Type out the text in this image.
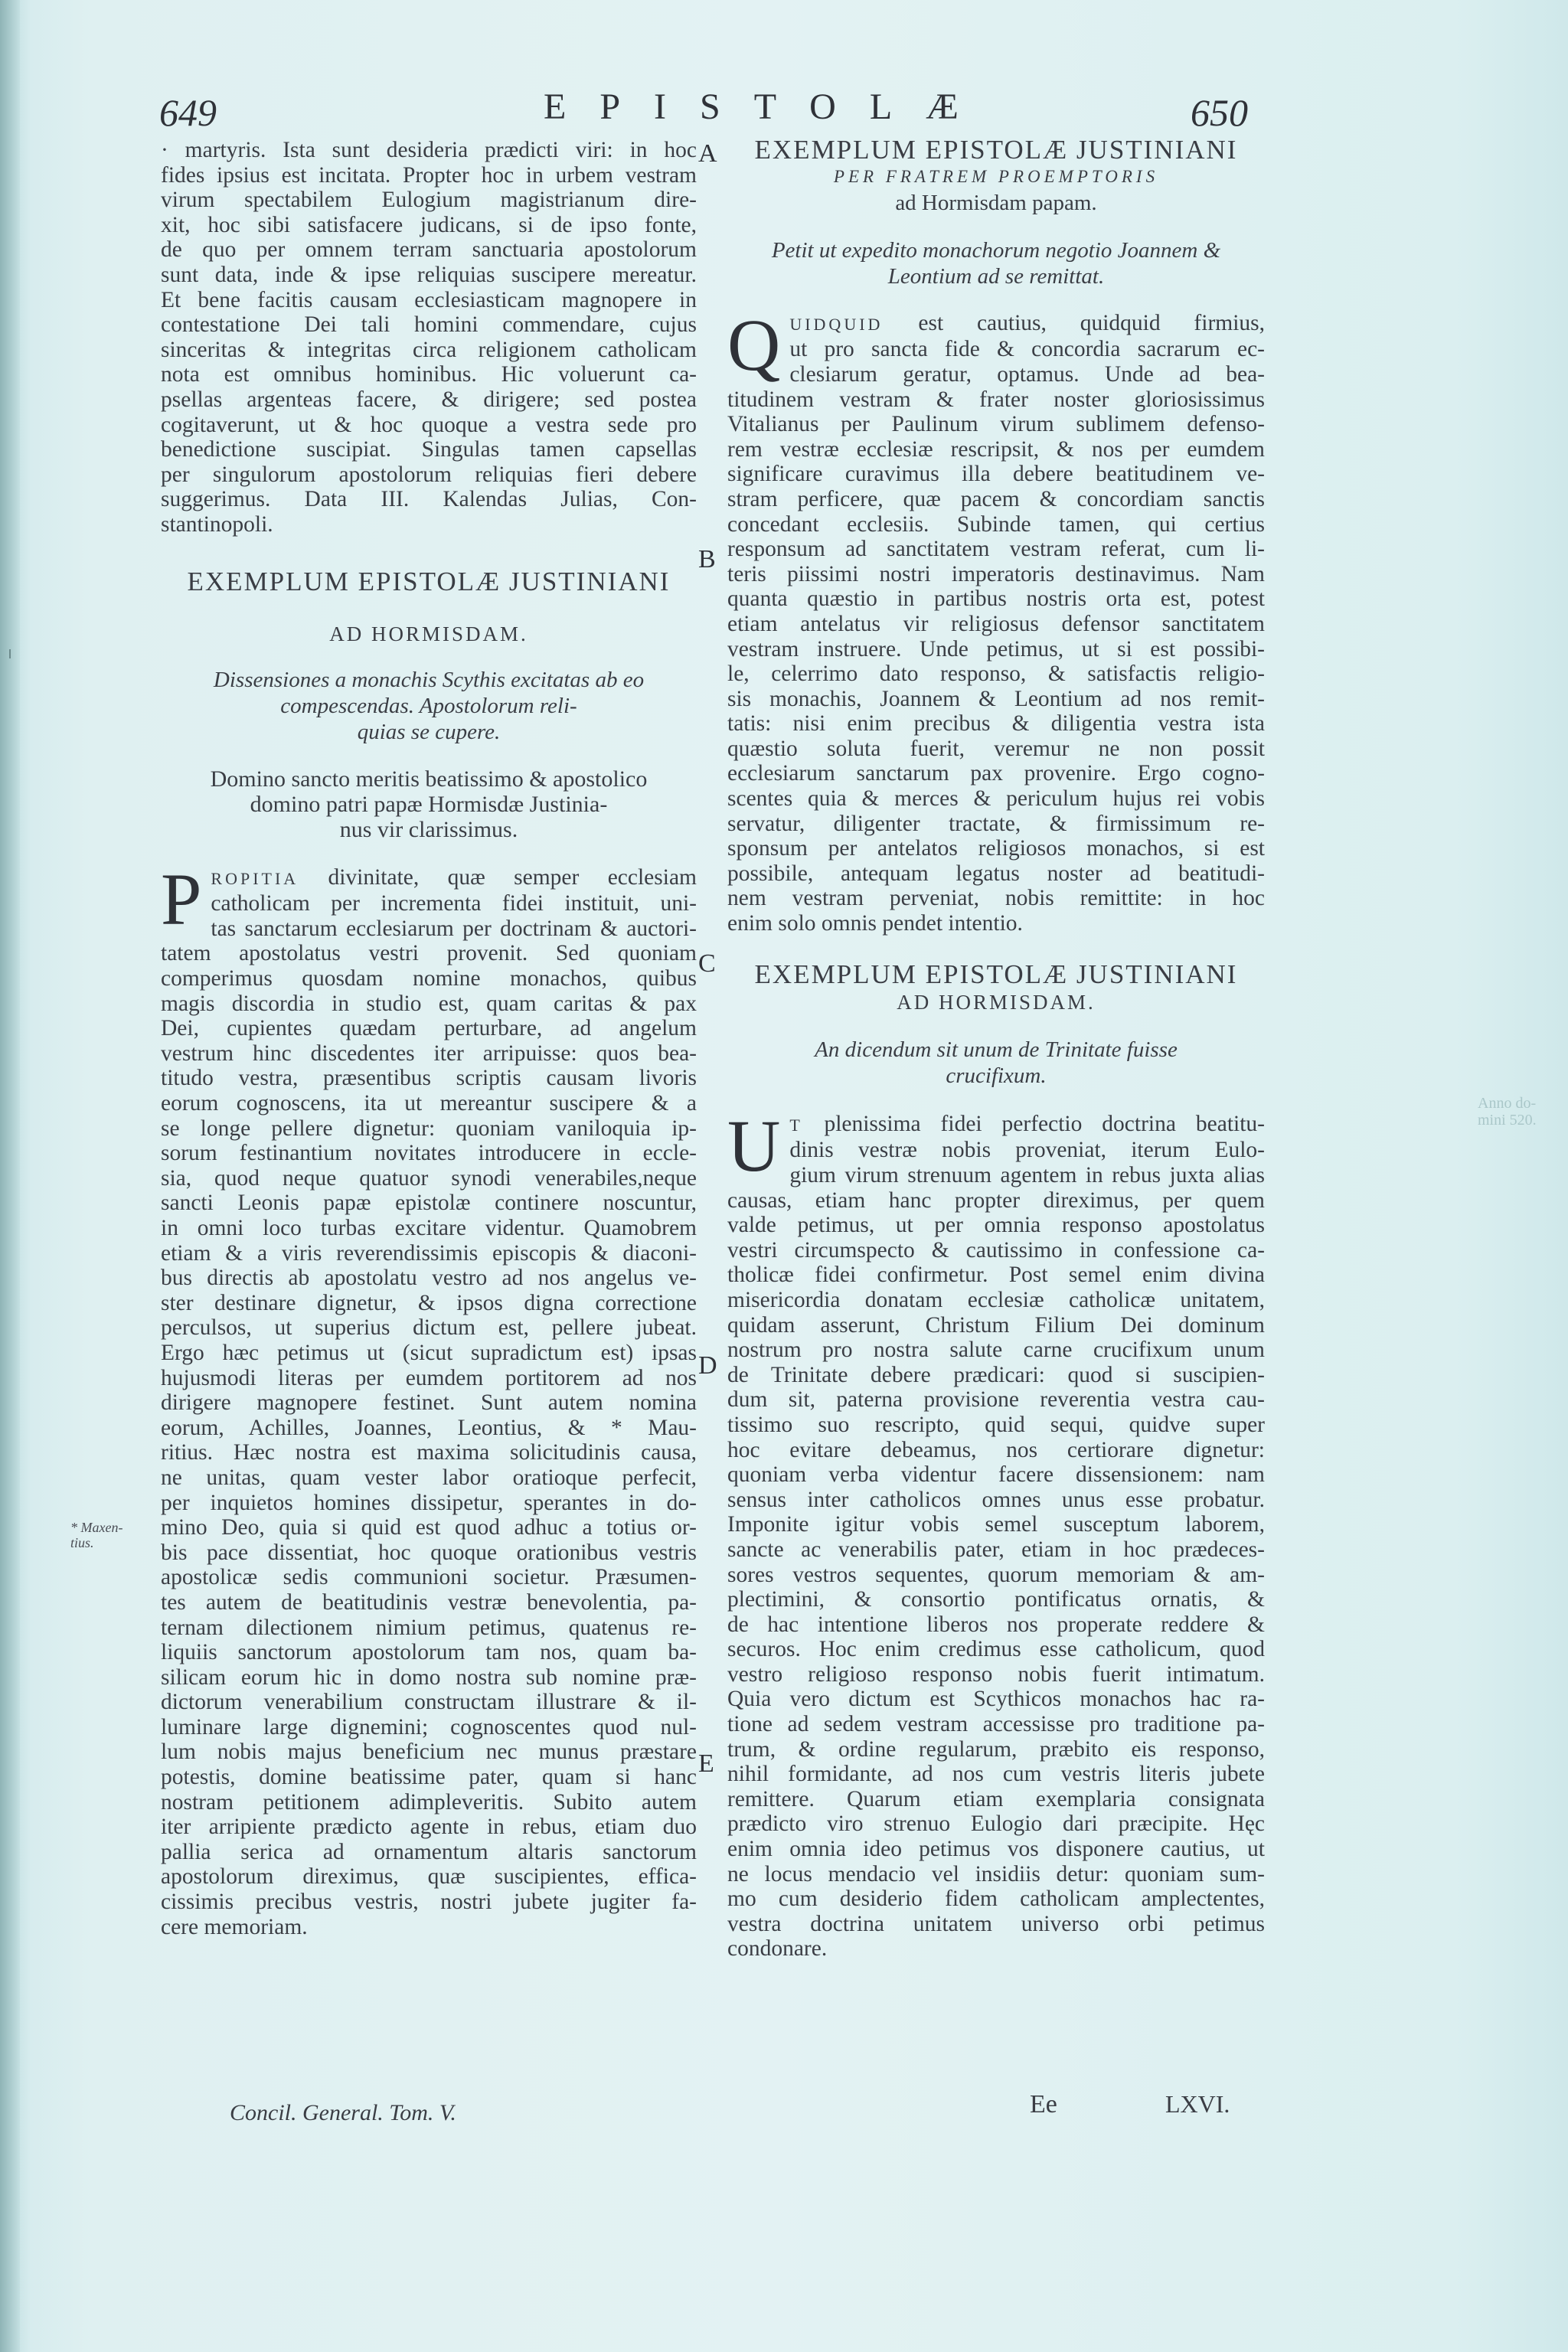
649	EPISTOLÆ	650
A
B
C
D
E
* Maxen-
tius.
Anno do-
mini 520.
· martyris. Ista sunt desideria prædicti viri: in hoc
fides ipsius est incitata. Propter hoc in urbem vestram
virum spectabilem Eulogium magistrianum dire-
xit, hoc sibi satisfacere judicans, si de ipso fonte,
de quo per omnem terram sanctuaria apostolorum
sunt data, inde & ipse reliquias suscipere mereatur.
Et bene facitis causam ecclesiasticam magnopere in
contestatione Dei tali homini commendare, cujus
sinceritas & integritas circa religionem catholicam
nota est omnibus hominibus. Hic voluerunt ca-
psellas argenteas facere, & dirigere; sed postea
cogitaverunt, ut & hoc quoque a vestra sede pro
benedictione suscipiat. Singulas tamen capsellas
per singulorum apostolorum reliquias fieri debere
suggerimus. Data III. Kalendas Julias, Con-
stantinopoli.

EXEMPLUM EPISTOLÆ JUSTINIANI

AD HORMISDAM.

Dissensiones a monachis Scythis excitatas ab eo
compescendas. Apostolorum reli-
quias se cupere.
Domino sancto meritis beatissimo & apostolico
domino patri papæ Hormisdæ Justinia-
nus vir clarissimus.
P ROPITIA divinitate, quæ semper ecclesiam
catholicam per incrementa fidei instituit, uni-
tas sanctarum ecclesiarum per doctrinam & auctori-
tatem apostolatus vestri provenit. Sed quoniam
comperimus quosdam nomine monachos, quibus
magis discordia in studio est, quam caritas & pax
Dei, cupientes quædam perturbare, ad angelum
vestrum hinc discedentes iter arripuisse: quos bea-
titudo vestra, præsentibus scriptis causam livoris
eorum cognoscens, ita ut mereantur suscipere & a
se longe pellere dignetur: quoniam vaniloquia ip-
sorum festinantium novitates introducere in eccle-
sia, quod neque quatuor synodi venerabiles,neque
sancti Leonis papæ epistolæ continere noscuntur,
in omni loco turbas excitare videntur. Quamobrem
etiam & a viris reverendissimis episcopis & diaconi-
bus directis ab apostolatu vestro ad nos angelus ve-
ster destinare dignetur, & ipsos digna correctione
perculsos, ut superius dictum est, pellere jubeat.
Ergo hæc petimus ut (sicut supradictum est) ipsas
hujusmodi literas per eumdem portitorem ad nos
dirigere magnopere festinet. Sunt autem nomina
eorum, Achilles, Joannes, Leontius, & * Mau-
ritius. Hæc nostra est maxima solicitudinis causa,
ne unitas, quam vester labor oratioque perfecit,
per inquietos homines dissipetur, sperantes in do-
mino Deo, quia si quid est quod adhuc a totius or-
bis pace dissentiat, hoc quoque orationibus vestris
apostolicæ sedis communioni societur. Præsumen-
tes autem de beatitudinis vestræ benevolentia, pa-
ternam dilectionem nimium petimus, quatenus re-
liquiis sanctorum apostolorum tam nos, quam ba-
silicam eorum hic in domo nostra sub nomine præ-
dictorum venerabilium constructam illustrare & il-
luminare large dignemini; cognoscentes quod nul-
lum nobis majus beneficium nec munus præstare
potestis, domine beatissime pater, quam si hanc
nostram petitionem adimpleveritis. Subito autem
iter arripiente prædicto agente in rebus, etiam duo
pallia serica ad ornamentum altaris sanctorum
apostolorum direximus, quæ suscipientes, effica-
cissimis precibus vestris, nostri jubete jugiter fa-
cere memoriam.

EXEMPLUM EPISTOLÆ JUSTINIANI

PER FRATREM PROEMPTORIS

ad Hormisdam papam.

Petit ut expedito monachorum negotio Joannem &
Leontium ad se remittat.
Q UIDQUID est cautius, quidquid firmius,
ut pro sancta fide & concordia sacrarum ec-
clesiarum geratur, optamus. Unde ad bea-
titudinem vestram & frater noster gloriosissimus
Vitalianus per Paulinum virum sublimem defenso-
rem vestræ ecclesiæ rescripsit, & nos per eumdem
significare curavimus illa debere beatitudinem ve-
stram perficere, quæ pacem & concordiam sanctis
concedant ecclesiis. Subinde tamen, qui certius
responsum ad sanctitatem vestram referat, cum li-
teris piissimi nostri imperatoris destinavimus. Nam
quanta quæstio in partibus nostris orta est, potest
etiam antelatus vir religiosus defensor sanctitatem
vestram instruere. Unde petimus, ut si est possibi-
le, celerrimo dato responso, & satisfactis religio-
sis monachis, Joannem & Leontium ad nos remit-
tatis: nisi enim precibus & diligentia vestra ista
quæstio soluta fuerit, veremur ne non possit
ecclesiarum sanctarum pax provenire. Ergo cogno-
scentes quia & merces & periculum hujus rei vobis
servatur, diligenter tractate, & firmissimum re-
sponsum per antelatos religiosos monachos, si est
possibile, antequam legatus noster ad beatitudi-
nem vestram perveniat, nobis remittite: in hoc
enim solo omnis pendet intentio.

EXEMPLUM EPISTOLÆ JUSTINIANI

AD HORMISDAM.

An dicendum sit unum de Trinitate fuisse
crucifixum.
U T plenissima fidei perfectio doctrina beatitu-
dinis vestræ nobis proveniat, iterum Eulo-
gium virum strenuum agentem in rebus juxta alias
causas, etiam hanc propter direximus, per quem
valde petimus, ut per omnia responso apostolatus
vestri circumspecto & cautissimo in confessione ca-
tholicæ fidei confirmetur. Post semel enim divina
misericordia donatam ecclesiæ catholicæ unitatem,
quidam asserunt, Christum Filium Dei dominum
nostrum pro nostra salute carne crucifixum unum
de Trinitate debere prædicari: quod si suscipien-
dum sit, paterna provisione reverentia vestra cau-
tissimo suo rescripto, quid sequi, quidve super
hoc evitare debeamus, nos certiorare dignetur:
quoniam verba videntur facere dissensionem: nam
sensus inter catholicos omnes unus esse probatur.
Imponite igitur vobis semel susceptum laborem,
sancte ac venerabilis pater, etiam in hoc prædeces-
sores vestros sequentes, quorum memoriam & am-
plectimini, & consortio pontificatus ornatis, &
de hac intentione liberos nos properate reddere &
securos. Hoc enim credimus esse catholicum, quod
vestro religioso responso nobis fuerit intimatum.
Quia vero dictum est Scythicos monachos hac ra-
tione ad sedem vestram accessisse pro traditione pa-
trum, & ordine regularum, præbito eis responso,
nihil formidante, ad nos cum vestris literis jubete
remittere. Quarum etiam exemplaria consignata
prædicto viro strenuo Eulogio dari præcipite. Hęc
enim omnia ideo petimus vos disponere cautius, ut
ne locus mendacio vel insidiis detur: quoniam sum-
mo cum desiderio fidem catholicam amplectentes,
vestra doctrina unitatem universo orbi petimus
condonare.
Concil. General. Tom. V.	Ee	LXVI.
